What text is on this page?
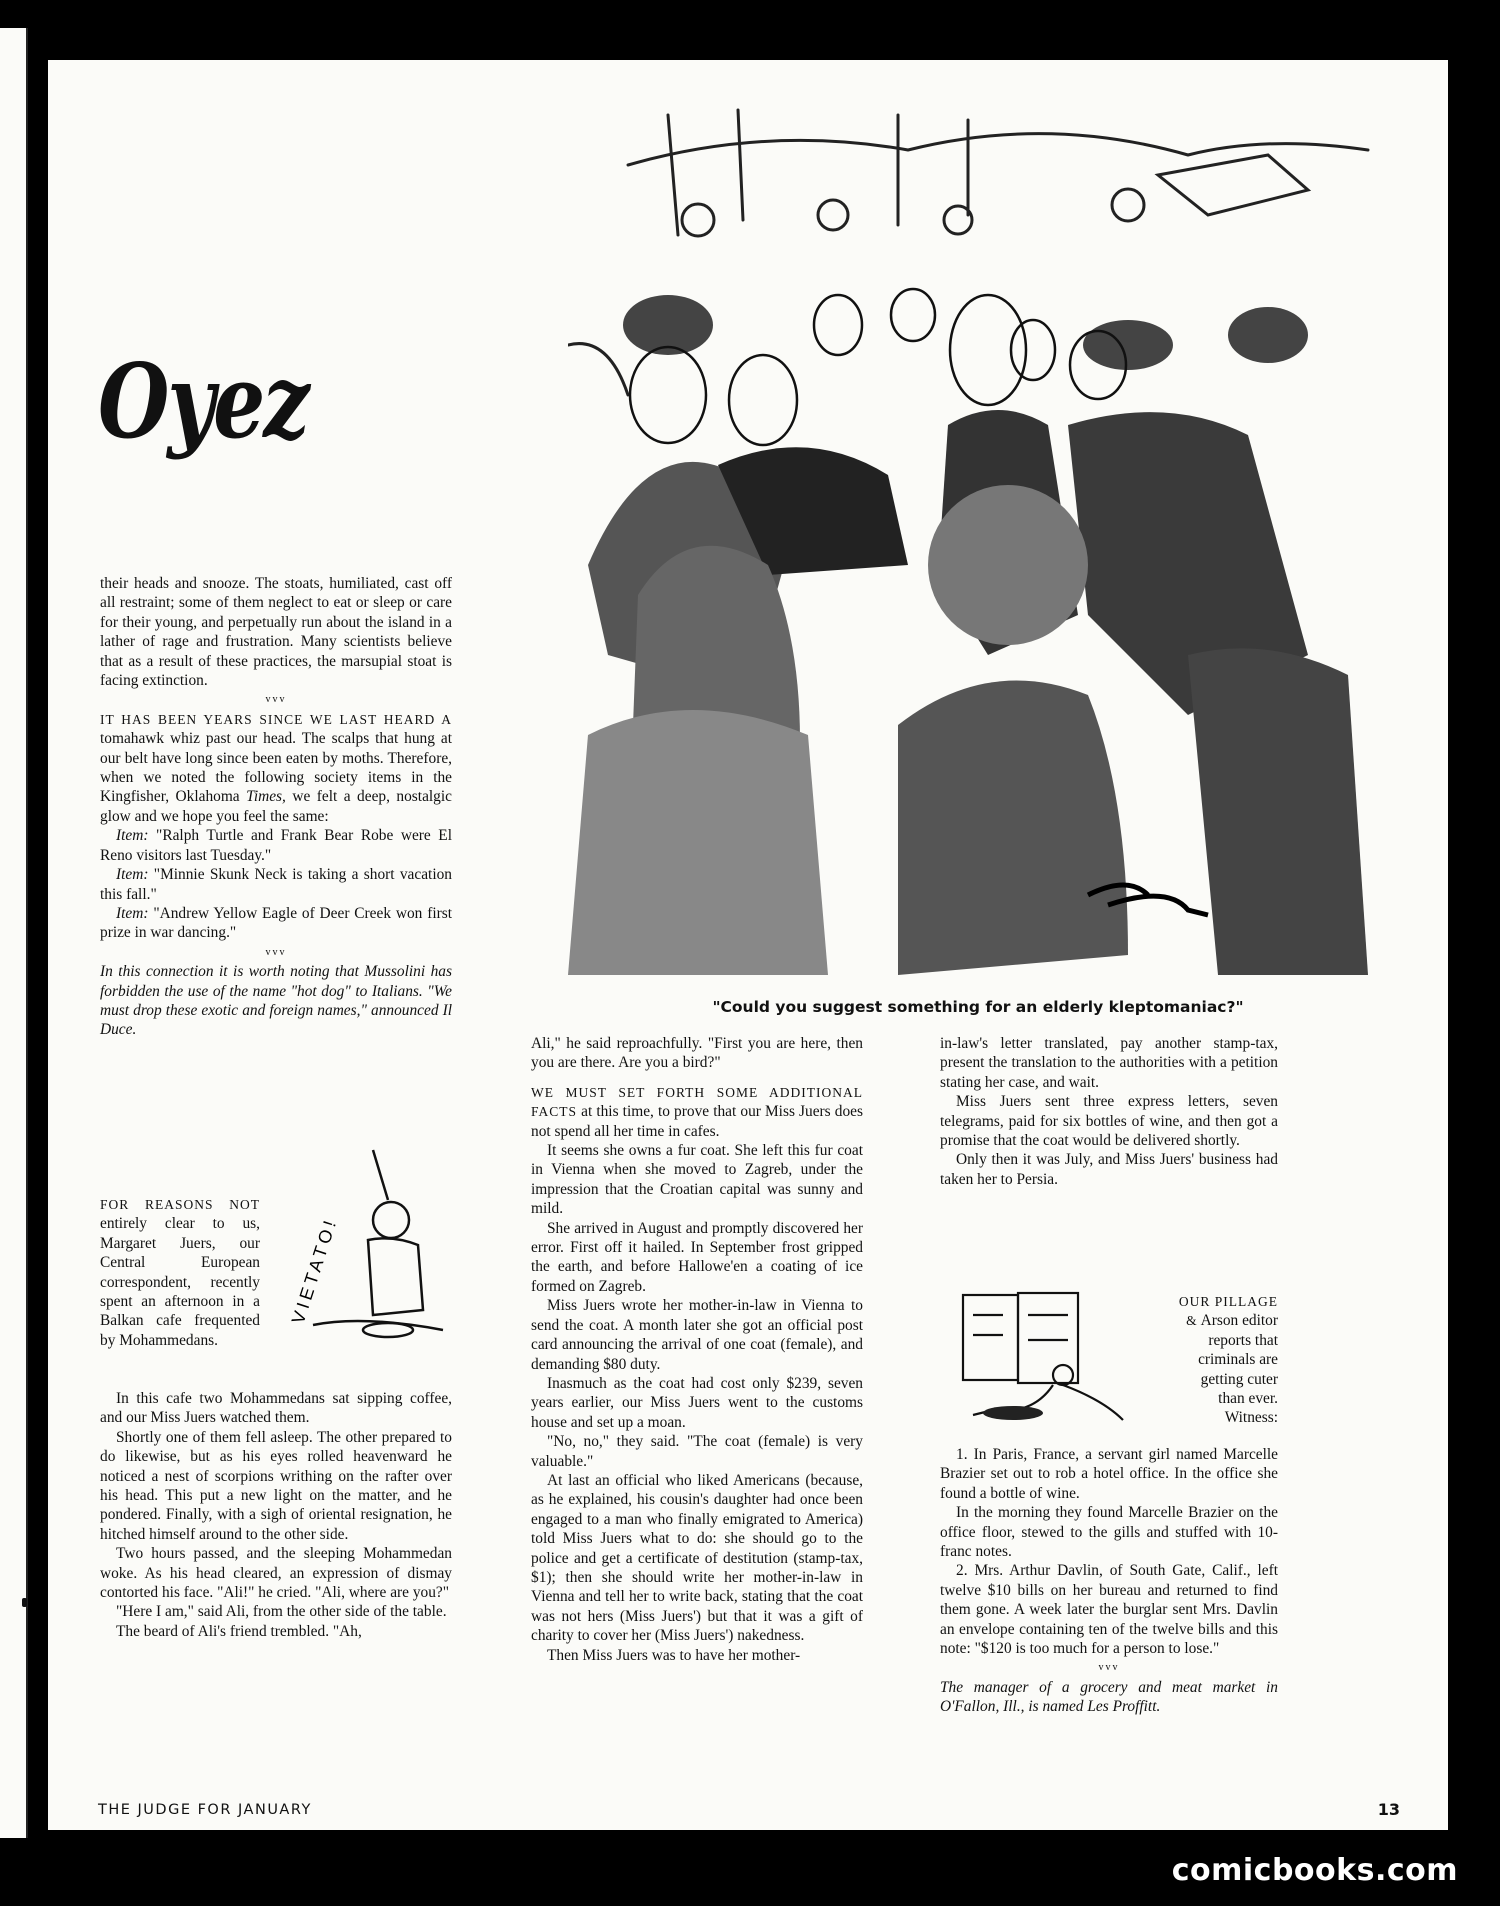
Oyez
"Could you suggest something for an elderly kleptomaniac?"

their heads and snooze. The stoats, humiliated, cast off all restraint; some of them neglect to eat or sleep or care for their young, and perpetually run about the island in a lather of rage and frustration. Many scientists believe that as a result of these practices, the marsupial stoat is facing extinction.

vvv

IT HAS BEEN YEARS SINCE WE LAST HEARD A tomahawk whiz past our head. The scalps that hung at our belt have long since been eaten by moths. Therefore, when we noted the following society items in the Kingfisher, Oklahoma Times, we felt a deep, nostalgic glow and we hope you feel the same:

Item: "Ralph Turtle and Frank Bear Robe were El Reno visitors last Tuesday."

Item: "Minnie Skunk Neck is taking a short vacation this fall."

Item: "Andrew Yellow Eagle of Deer Creek won first prize in war dancing."

vvv

In this connection it is worth noting that Mussolini has forbidden the use of the name "hot dog" to Italians. "We must drop these exotic and foreign names," announced Il Duce.

FOR REASONS NOT entirely clear to us, Margaret Juers, our Central European correspondent, recently spent an afternoon in a Balkan cafe frequented by Mohammedans.

VIETATO!

In this cafe two Mohammedans sat sipping coffee, and our Miss Juers watched them.

Shortly one of them fell asleep. The other prepared to do likewise, but as his eyes rolled heavenward he noticed a nest of scorpions writhing on the rafter over his head. This put a new light on the matter, and he pondered. Finally, with a sigh of oriental resignation, he hitched himself around to the other side.

Two hours passed, and the sleeping Mohammedan woke. As his head cleared, an expression of dismay contorted his face. "Ali!" he cried. "Ali, where are you?"

"Here I am," said Ali, from the other side of the table.

The beard of Ali's friend trembled. "Ah,

Ali," he said reproachfully. "First you are here, then you are there. Are you a bird?"

WE MUST SET FORTH SOME ADDITIONAL FACTS at this time, to prove that our Miss Juers does not spend all her time in cafes.

It seems she owns a fur coat. She left this fur coat in Vienna when she moved to Zagreb, under the impression that the Croatian capital was sunny and mild.

She arrived in August and promptly discovered her error. First off it hailed. In September frost gripped the earth, and before Hallowe'en a coating of ice formed on Zagreb.

Miss Juers wrote her mother-in-law in Vienna to send the coat. A month later she got an official post card announcing the arrival of one coat (female), and demanding $80 duty.

Inasmuch as the coat had cost only $239, seven years earlier, our Miss Juers went to the customs house and set up a moan.

"No, no," they said. "The coat (female) is very valuable."

At last an official who liked Americans (because, as he explained, his cousin's daughter had once been engaged to a man who finally emigrated to America) told Miss Juers what to do: she should go to the police and get a certificate of destitution (stamp-tax, $1); then she should write her mother-in-law in Vienna and tell her to write back, stating that the coat was not hers (Miss Juers') but that it was a gift of charity to cover her (Miss Juers') nakedness.

Then Miss Juers was to have her mother-

in-law's letter translated, pay another stamp-tax, present the translation to the authorities with a petition stating her case, and wait.

Miss Juers sent three express letters, seven telegrams, paid for six bottles of wine, and then got a promise that the coat would be delivered shortly.

Only then it was July, and Miss Juers' business had taken her to Persia.

OUR PILLAGE & Arson editor reports that criminals are getting cuter than ever. Witness:

1. In Paris, France, a servant girl named Marcelle Brazier set out to rob a hotel office. In the office she found a bottle of wine.

In the morning they found Marcelle Brazier on the office floor, stewed to the gills and stuffed with 10-franc notes.

2. Mrs. Arthur Davlin, of South Gate, Calif., left twelve $10 bills on her bureau and returned to find them gone. A week later the burglar sent Mrs. Davlin an envelope containing ten of the twelve bills and this note: "$120 is too much for a person to lose."

vvv

The manager of a grocery and meat market in O'Fallon, Ill., is named Les Proffitt.

THE JUDGE FOR JANUARY	13
comicbooks.com
